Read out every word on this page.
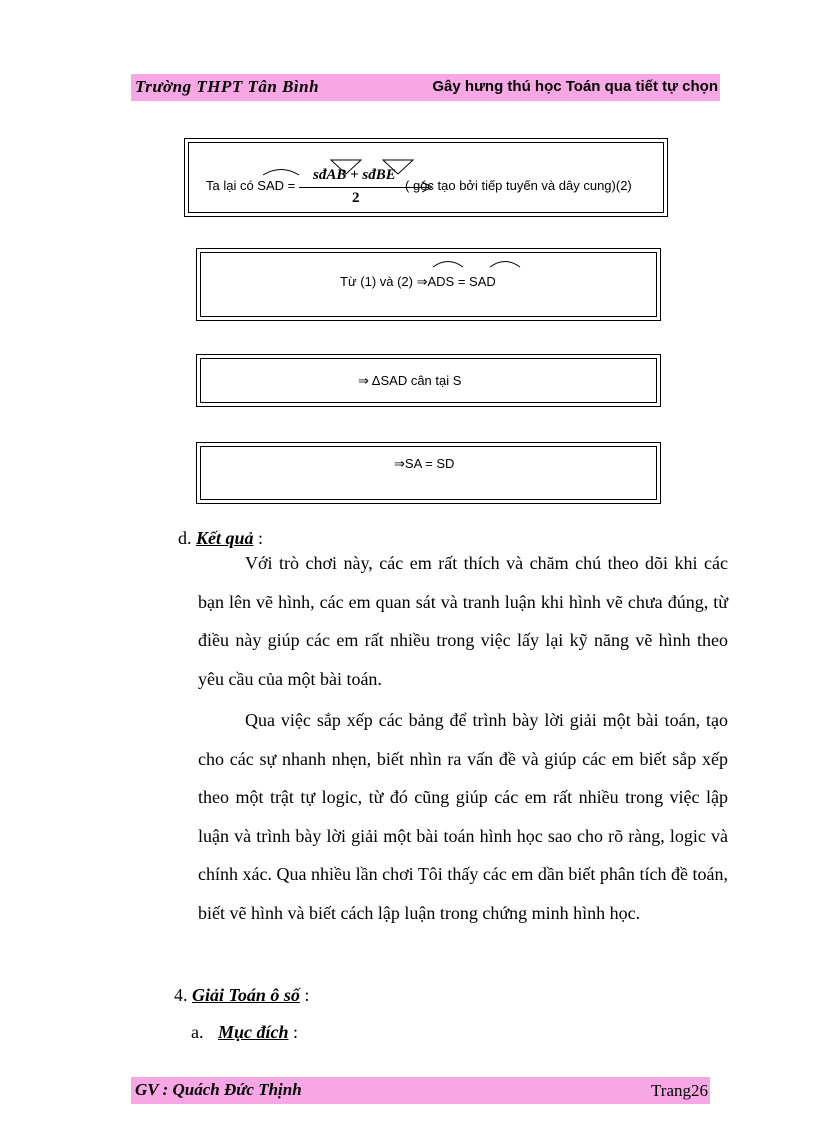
Trường THPT Tân Bình	Gây hưng thú học Toán qua tiết tự chọn
Ta lại có SAD =
sđAB + sđBE
2
( góc tạo bởi tiếp tuyến và dây cung)(2)
Từ (1) và (2) ⇒ADS = SAD
⇒ ΔSAD cân tại S
⇒SA = SD
d. Kết quả :
Với trò chơi này, các em rất thích và chăm chú theo dõi khi các bạn lên vẽ hình, các em quan sát và tranh luận khi hình vẽ chưa đúng, từ điều này giúp các em rất nhiều trong việc lấy lại kỹ năng vẽ hình theo yêu cầu của một bài toán.
Qua việc sắp xếp các bảng để trình bày lời giải một bài toán, tạo cho các sự nhanh nhẹn, biết nhìn ra vấn đề và giúp các em biết sắp xếp theo một trật tự logic, từ đó cũng giúp các em rất nhiều trong việc lập luận và trình bày lời giải một bài toán hình học sao cho rõ ràng, logic và chính xác. Qua nhiều lần chơi Tôi thấy các em dần biết phân tích đề toán, biết vẽ hình và biết cách lập luận trong chứng minh hình học.
4. Giải Toán ô số :
a. Mục đích :
GV : Quách Đức Thịnh	Trang26
